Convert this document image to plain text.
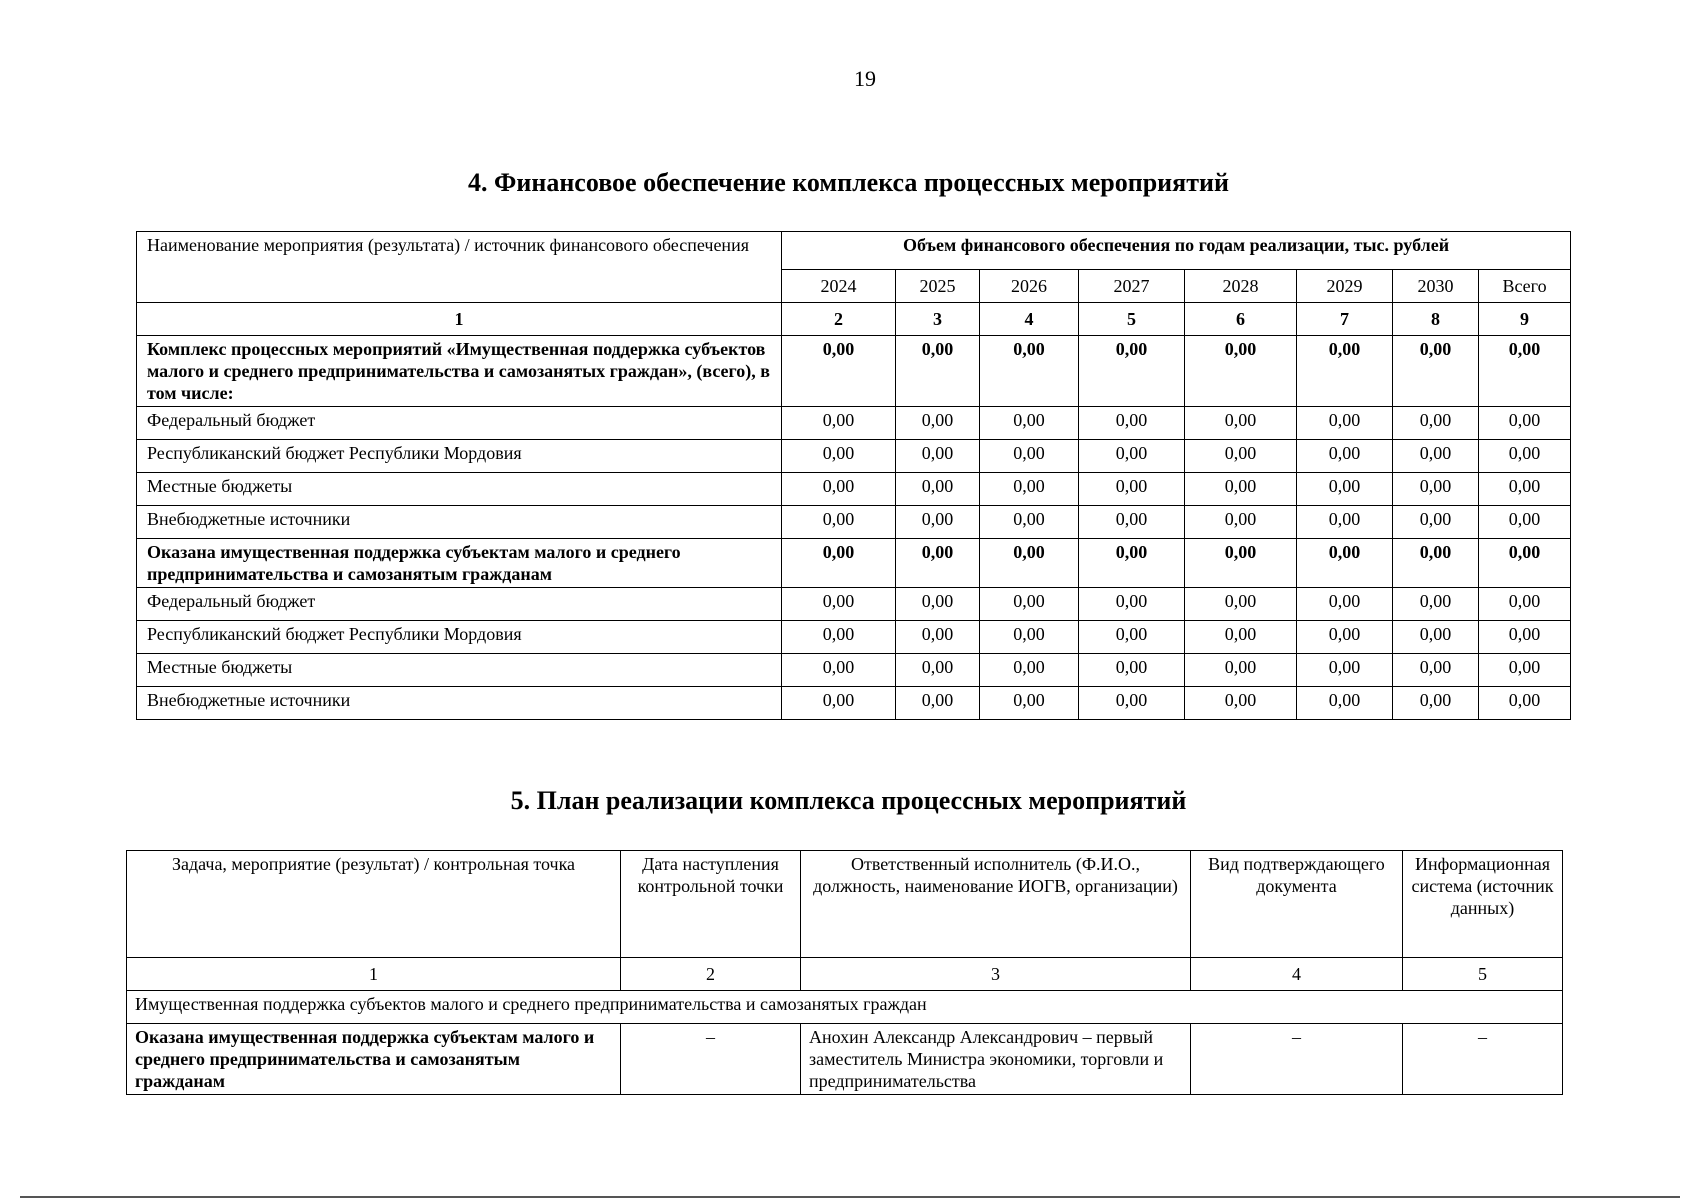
19
4. Финансовое обеспечение комплекса процессных мероприятий
Наименование мероприятия (результата) / источник финансового обеспечения	Объем финансового обеспечения по годам реализации, тыс. рублей							
	2024	2025	2026	2027	2028	2029	2030	Всего
1	2	3	4	5	6	7	8	9
Комплекс процессных мероприятий «Имущественная поддержка субъектов малого и среднего предпринимательства и самозанятых граждан», (всего), в том числе:	0,00	0,00	0,00	0,00	0,00	0,00	0,00	0,00
Федеральный бюджет	0,00	0,00	0,00	0,00	0,00	0,00	0,00	0,00
Республиканский бюджет Республики Мордовия	0,00	0,00	0,00	0,00	0,00	0,00	0,00	0,00
Местные бюджеты	0,00	0,00	0,00	0,00	0,00	0,00	0,00	0,00
Внебюджетные источники	0,00	0,00	0,00	0,00	0,00	0,00	0,00	0,00
Оказана имущественная поддержка субъектам малого и среднего предпринимательства и самозанятым гражданам	0,00	0,00	0,00	0,00	0,00	0,00	0,00	0,00
Федеральный бюджет	0,00	0,00	0,00	0,00	0,00	0,00	0,00	0,00
Республиканский бюджет Республики Мордовия	0,00	0,00	0,00	0,00	0,00	0,00	0,00	0,00
Местные бюджеты	0,00	0,00	0,00	0,00	0,00	0,00	0,00	0,00
Внебюджетные источники	0,00	0,00	0,00	0,00	0,00	0,00	0,00	0,00
5. План реализации комплекса процессных мероприятий
Задача, мероприятие (результат) / контрольная точка	Дата наступления контрольной точки	Ответственный исполнитель (Ф.И.О., должность, наименование ИОГВ, организации)	Вид подтверждающего документа	Информационная система (источник данных)
1	2	3	4	5
Имущественная поддержка субъектов малого и среднего предпринимательства и самозанятых граждан				
Оказана имущественная поддержка субъектам малого и среднего предпринимательства и самозанятым гражданам	–	Анохин Александр Александрович – первый заместитель Министра экономики, торговли и предпринимательства	–	–
